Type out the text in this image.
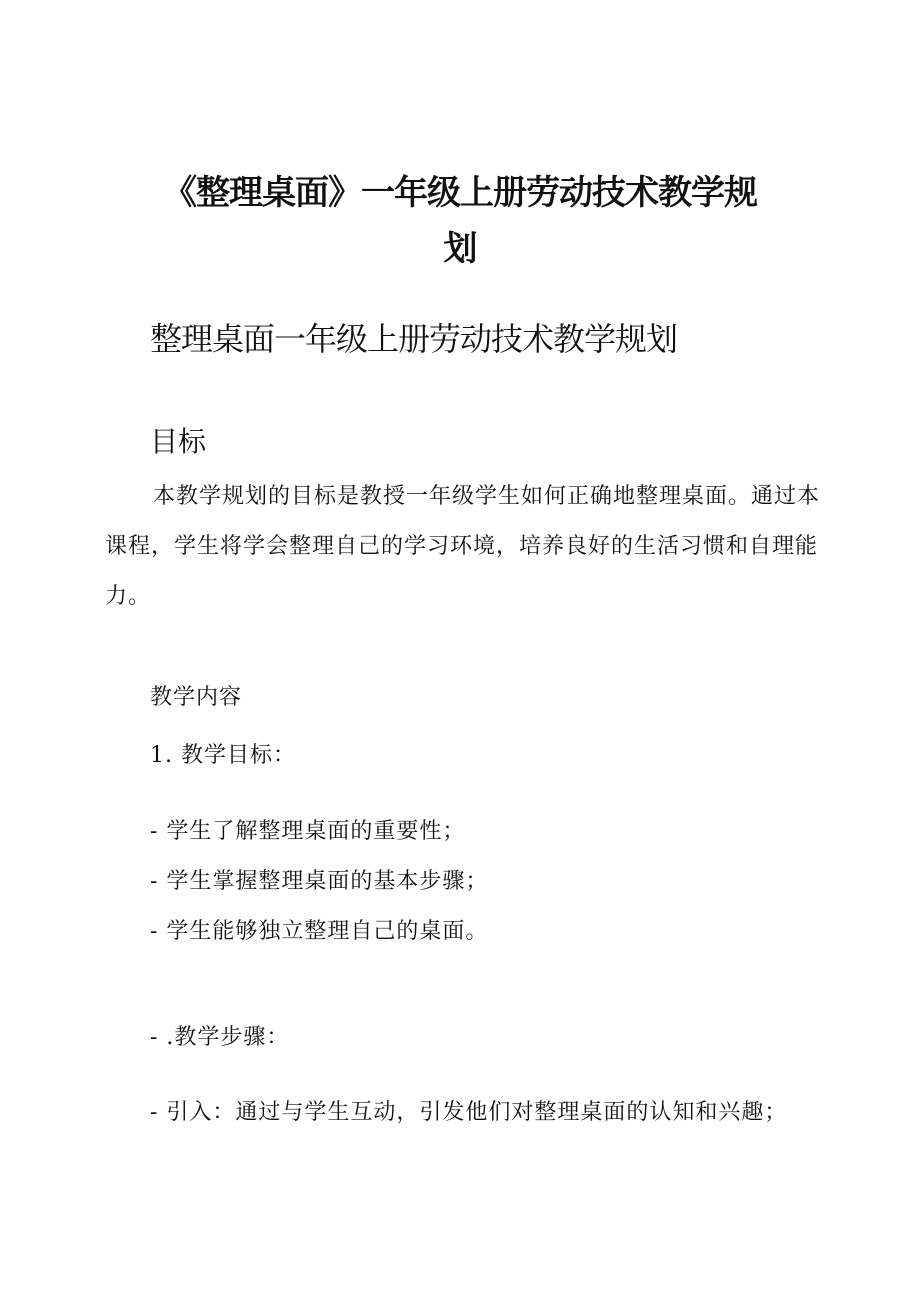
《整理桌面》一年级上册劳动技术教学规
划
整理桌面一年级上册劳动技术教学规划
目标

本教学规划的目标是教授一年级学生如何正确地整理桌面。通过本课程，学生将学会整理自己的学习环境，培养良好的生活习惯和自理能力。

教学内容
1. 教学目标：
- 学生了解整理桌面的重要性；
- 学生掌握整理桌面的基本步骤；
- 学生能够独立整理自己的桌面。
- .教学步骤：
- 引入：通过与学生互动，引发他们对整理桌面的认知和兴趣；
